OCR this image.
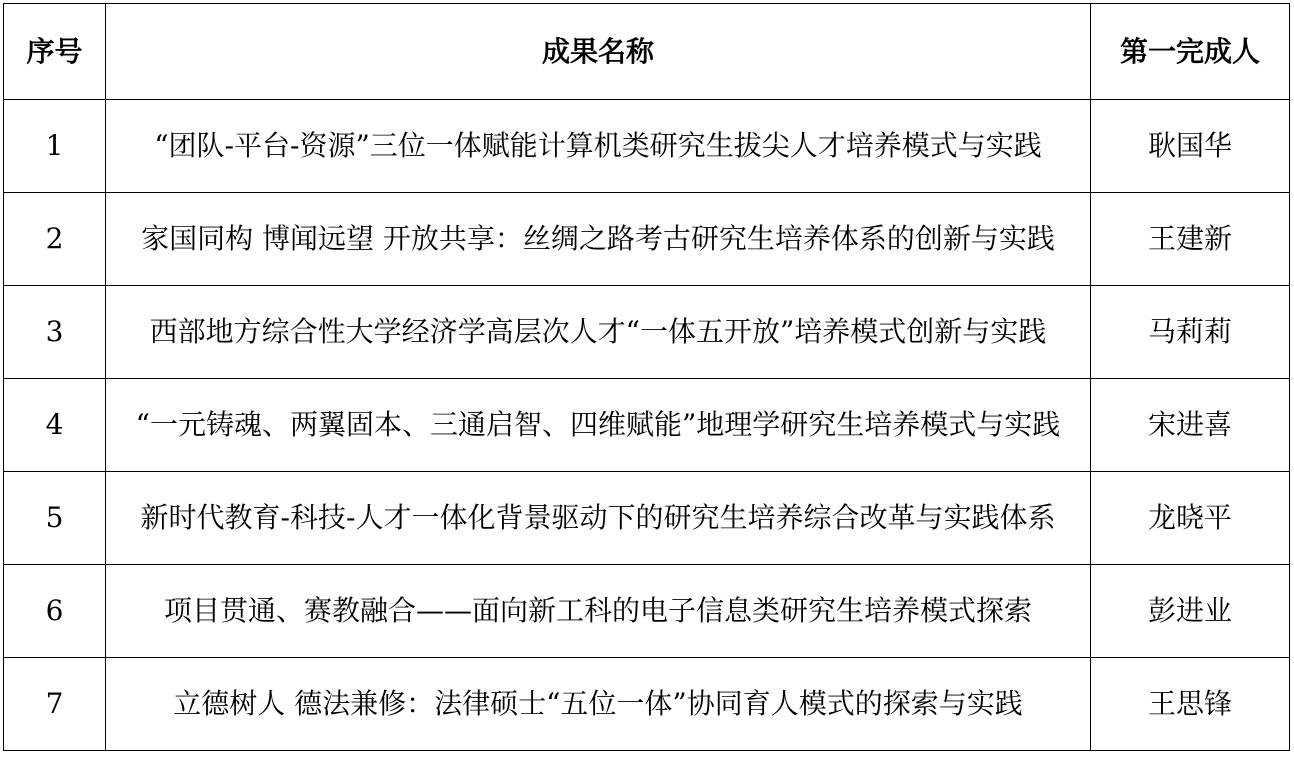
序号	成果名称	第一完成人
1	“团队-平台-资源”三位一体赋能计算机类研究生拔尖人才培养模式与实践	耿国华
2	家国同构 博闻远望 开放共享：丝绸之路考古研究生培养体系的创新与实践	王建新
3	西部地方综合性大学经济学高层次人才“一体五开放”培养模式创新与实践	马莉莉
4	“一元铸魂、两翼固本、三通启智、四维赋能”地理学研究生培养模式与实践	宋进喜
5	新时代教育-科技-人才一体化背景驱动下的研究生培养综合改革与实践体系	龙晓平
6	项目贯通、赛教融合——面向新工科的电子信息类研究生培养模式探索	彭进业
7	立德树人 德法兼修：法律硕士“五位一体”协同育人模式的探索与实践	王思锋
